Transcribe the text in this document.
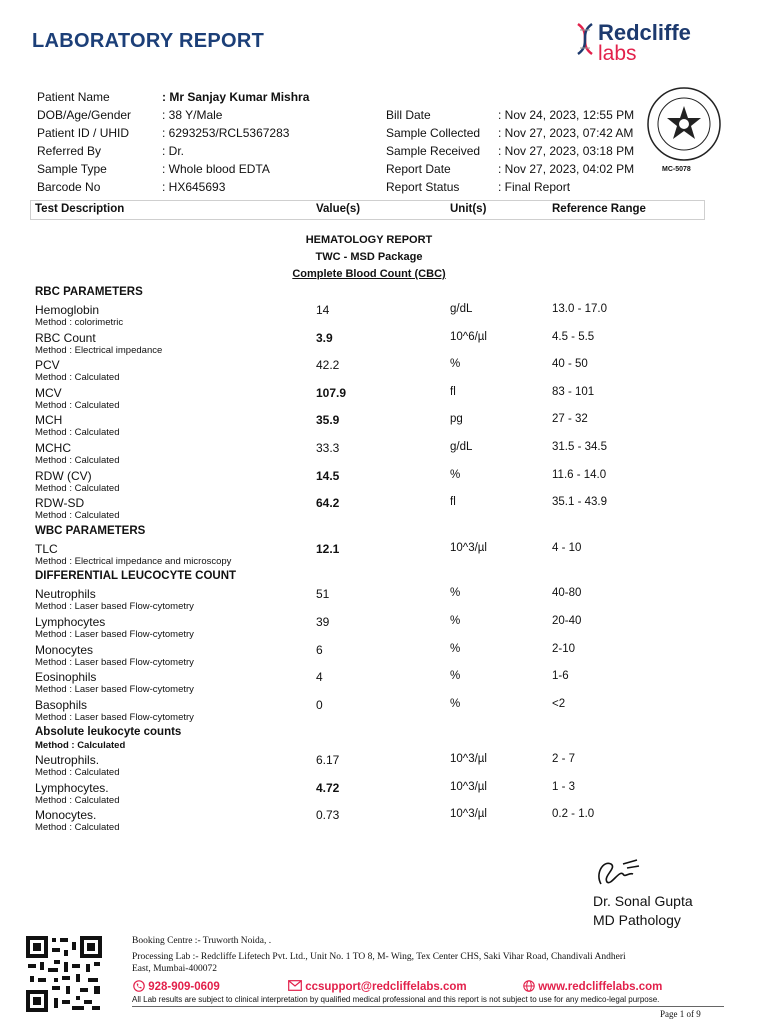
LABORATORY REPORT	Redcliffe
labs
Patient Name	: Mr Sanjay Kumar Mishra
DOB/Age/Gender	: 38 Y/Male
Patient ID / UHID	: 6293253/RCL5367283
Referred By	: Dr.
Sample Type	: Whole blood EDTA
Barcode No	: HX645693
Bill Date	: Nov 24, 2023, 12:55 PM
Sample Collected : Nov 27, 2023, 07:42 AM
Sample Received : Nov 27, 2023, 03:18 PM
Report Date	: Nov 27, 2023, 04:02 PM
Report Status	: Final Report
MC-5078
Test Description	Value(s)	Unit(s)	Reference Range
HEMATOLOGY REPORT
TWC - MSD Package
Complete Blood Count (CBC)
RBC PARAMETERS
WBC PARAMETERS
DIFFERENTIAL LEUCOCYTE COUNT
Absolute leukocyte counts
Method : Calculated
Hemoglobin
Method : colorimetric
14	g/dL	13.0 - 17.0
RBC Count
Method : Electrical impedance
3.9	10^6/µl	4.5 - 5.5
PCV
Method : Calculated
42.2	%	40 - 50
MCV
Method : Calculated
107.9	fl	83 - 101
MCH
Method : Calculated
35.9	pg	27 - 32
MCHC
Method : Calculated
33.3	g/dL	31.5 - 34.5
RDW (CV)
Method : Calculated
14.5	%	11.6 - 14.0
RDW-SD
Method : Calculated
64.2	fl	35.1 - 43.9
TLC
Method : Electrical impedance and microscopy
12.1	10^3/µl	4 - 10
Neutrophils
Method : Laser based Flow-cytometry
51	%	40-80
Lymphocytes
Method : Laser based Flow-cytometry
39	%	20-40
Monocytes
Method : Laser based Flow-cytometry
6	%	2-10
Eosinophils
Method : Laser based Flow-cytometry
4	%	1-6
Basophils
Method : Laser based Flow-cytometry
0	%	<2
Neutrophils.
Method : Calculated
6.17	10^3/µl	2 - 7
Lymphocytes.
Method : Calculated
4.72	10^3/µl	1 - 3
Monocytes.
Method : Calculated
0.73	10^3/µl	0.2 - 1.0
Dr. Sonal Gupta
MD Pathology
Booking Centre :- Truworth Noida, .
Processing Lab :- Redcliffe Lifetech Pvt. Ltd., Unit No. 1 TO 8, M- Wing, Tex Center CHS, Saki Vihar Road, Chandivali Andheri
East, Mumbai-400072
928-909-0609	ccsupport@redcliffelabs.com	www.redcliffelabs.com
All Lab results are subject to clinical interpretation by qualified medical professional and this report is not subject to use for any medico-legal purpose.
Page 1 of 9
